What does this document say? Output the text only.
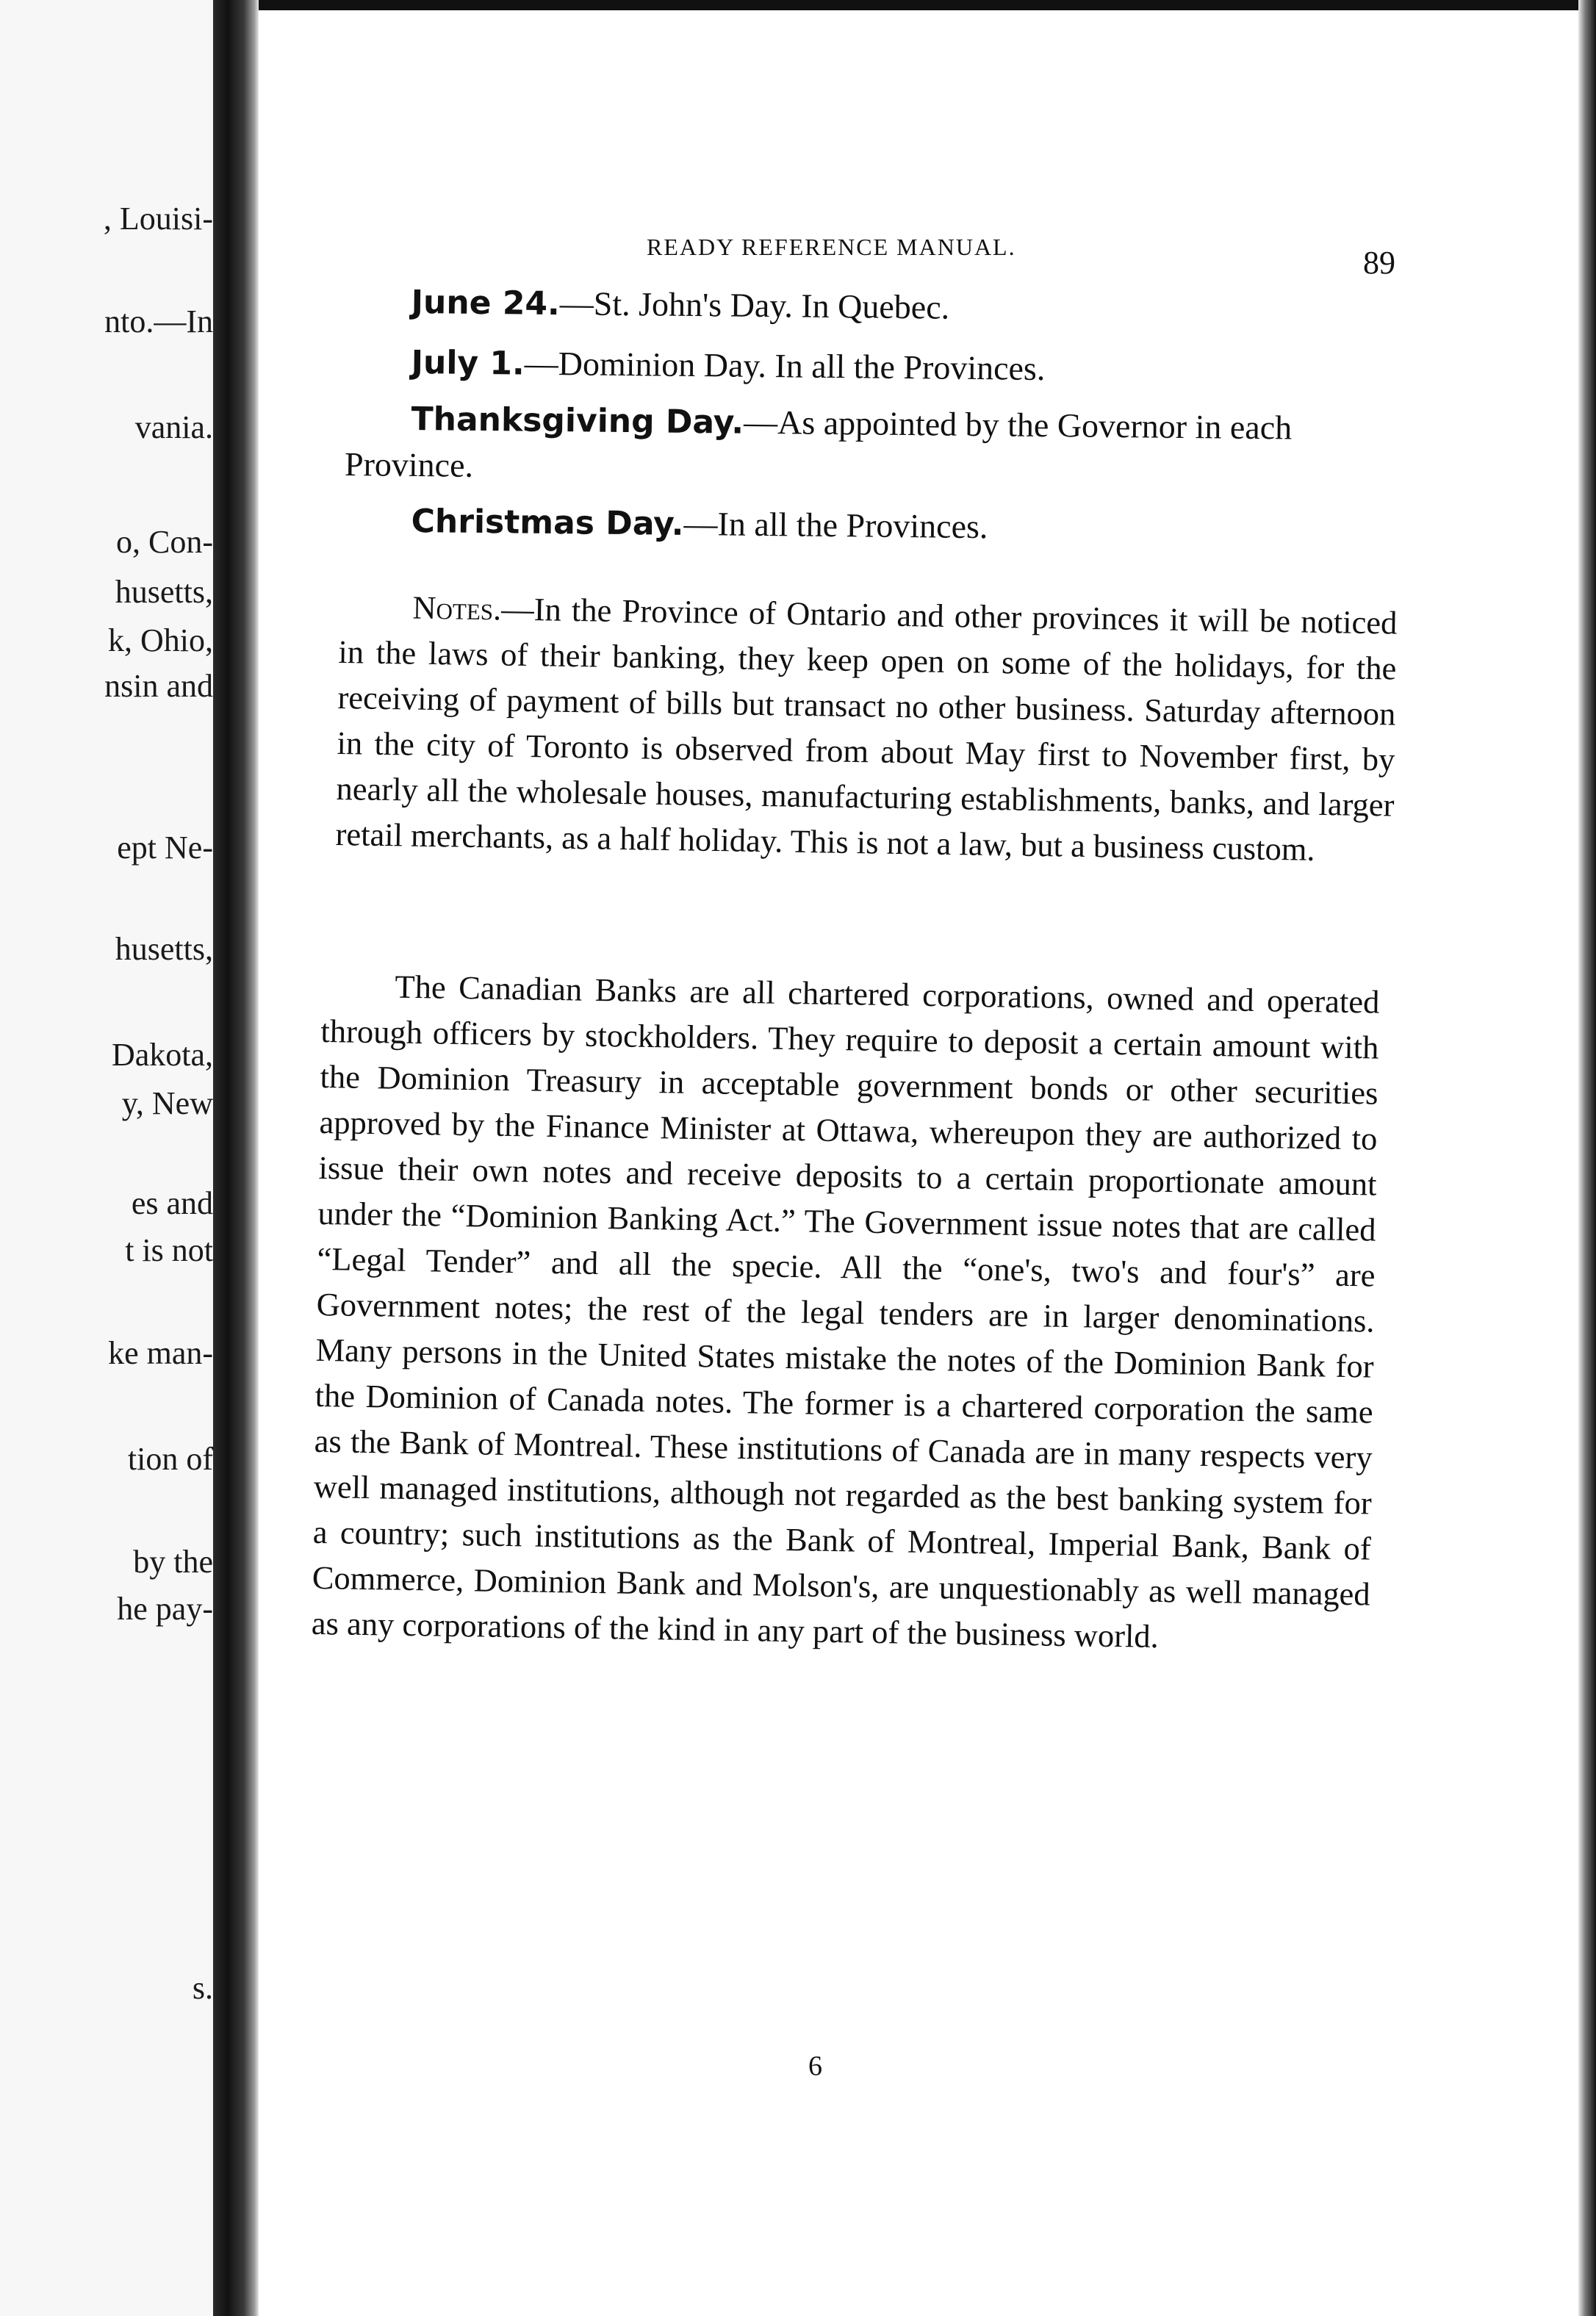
, Louisi-
nto.—In
vania.
o, Con-
husetts,
k, Ohio,
nsin and
ept Ne-
husetts,
Dakota,
y, New
es and
t is not
ke man-
tion of
by the
he pay-
s.
READY REFERENCE MANUAL.	89
June 24.—St. John's Day. In Quebec.
July 1.—Dominion Day. In all the Provinces.
Thanksgiving Day.—As appointed by the Governor in each Province.
Christmas Day.—In all the Provinces.
Notes.—In the Province of Ontario and other provinces it will be noticed in the laws of their banking, they keep open on some of the holidays, for the receiving of payment of bills but transact no other business. Saturday afternoon in the city of Toronto is observed from about May first to November first, by nearly all the wholesale houses, manufacturing establishments, banks, and larger retail merchants, as a half holiday. This is not a law, but a business custom.
The Canadian Banks are all chartered corporations, owned and operated through officers by stockholders. They require to deposit a certain amount with the Dominion Treasury in acceptable government bonds or other securities approved by the Finance Minister at Ottawa, whereupon they are authorized to issue their own notes and receive deposits to a certain proportionate amount under the “Dominion Banking Act.” The Government issue notes that are called “Legal Tender” and all the specie. All the “one's, two's and four's” are Government notes; the rest of the legal tenders are in larger denominations. Many persons in the United States mistake the notes of the Dominion Bank for the Dominion of Canada notes. The former is a chartered corporation the same as the Bank of Montreal. These institutions of Canada are in many respects very well managed institutions, although not regarded as the best banking system for a country; such institutions as the Bank of Montreal, Imperial Bank, Bank of Commerce, Dominion Bank and Molson's, are unquestionably as well managed as any corporations of the kind in any part of the business world.
6
